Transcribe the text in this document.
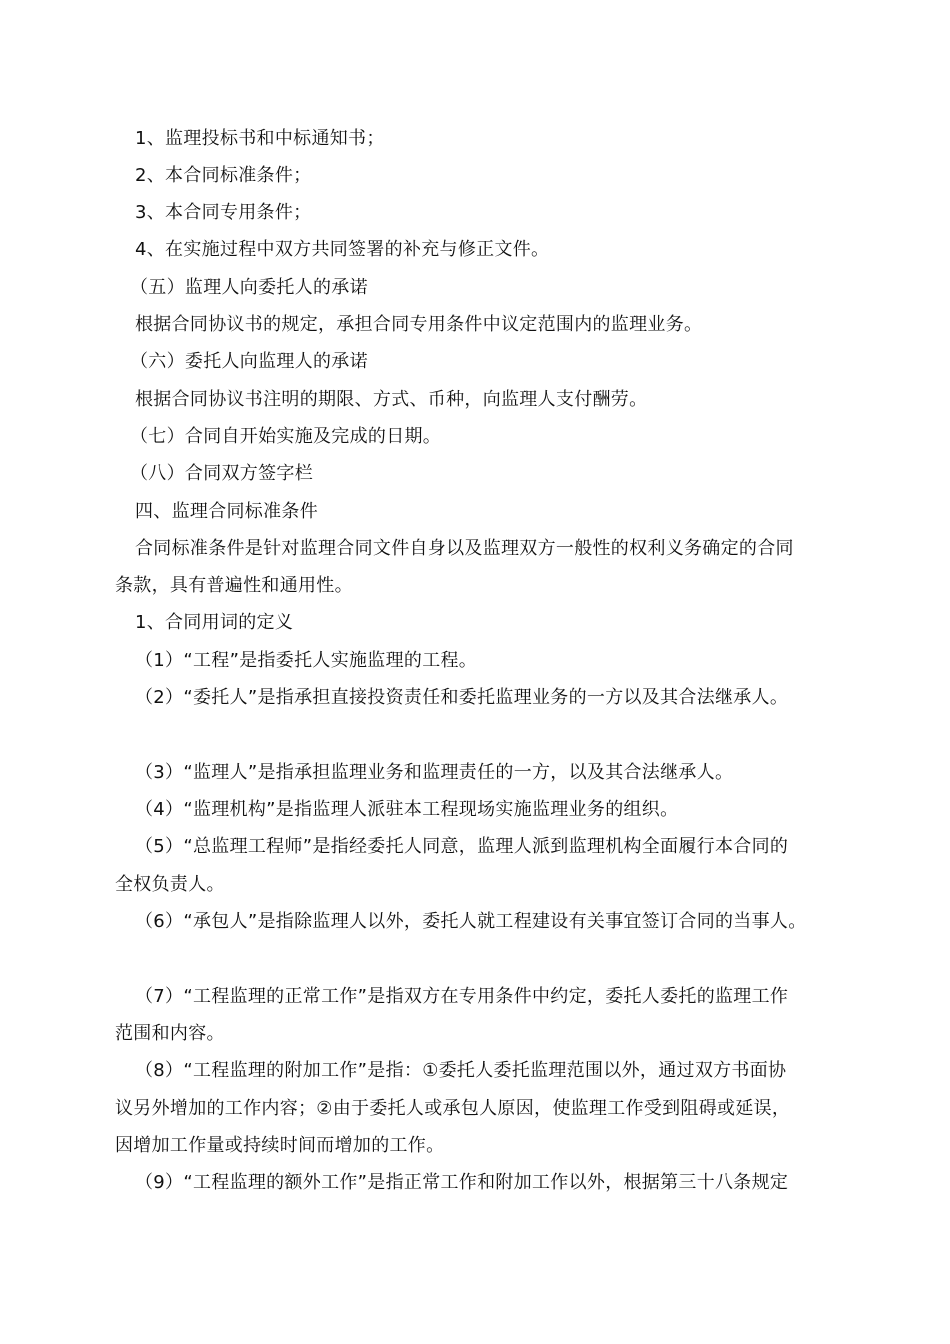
1、监理投标书和中标通知书；
2、本合同标准条件；
3、本合同专用条件；
4、在实施过程中双方共同签署的补充与修正文件。
（五）监理人向委托人的承诺
根据合同协议书的规定，承担合同专用条件中议定范围内的监理业务。
（六）委托人向监理人的承诺
根据合同协议书注明的期限、方式、币种，向监理人支付酬劳。
（七）合同自开始实施及完成的日期。
（八）合同双方签字栏
四、监理合同标准条件
合同标准条件是针对监理合同文件自身以及监理双方一般性的权利义务确定的合同
条款，具有普遍性和通用性。
1、合同用词的定义
（1）“工程”是指委托人实施监理的工程。
（2）“委托人”是指承担直接投资责任和委托监理业务的一方以及其合法继承人。
（3）“监理人”是指承担监理业务和监理责任的一方，以及其合法继承人。
（4）“监理机构”是指监理人派驻本工程现场实施监理业务的组织。
（5）“总监理工程师”是指经委托人同意，监理人派到监理机构全面履行本合同的
全权负责人。
（6）“承包人”是指除监理人以外，委托人就工程建设有关事宜签订合同的当事人。
（7）“工程监理的正常工作”是指双方在专用条件中约定，委托人委托的监理工作
范围和内容。
（8）“工程监理的附加工作”是指：①委托人委托监理范围以外，通过双方书面协
议另外增加的工作内容；②由于委托人或承包人原因，使监理工作受到阻碍或延误，
因增加工作量或持续时间而增加的工作。
（9）“工程监理的额外工作”是指正常工作和附加工作以外，根据第三十八条规定
